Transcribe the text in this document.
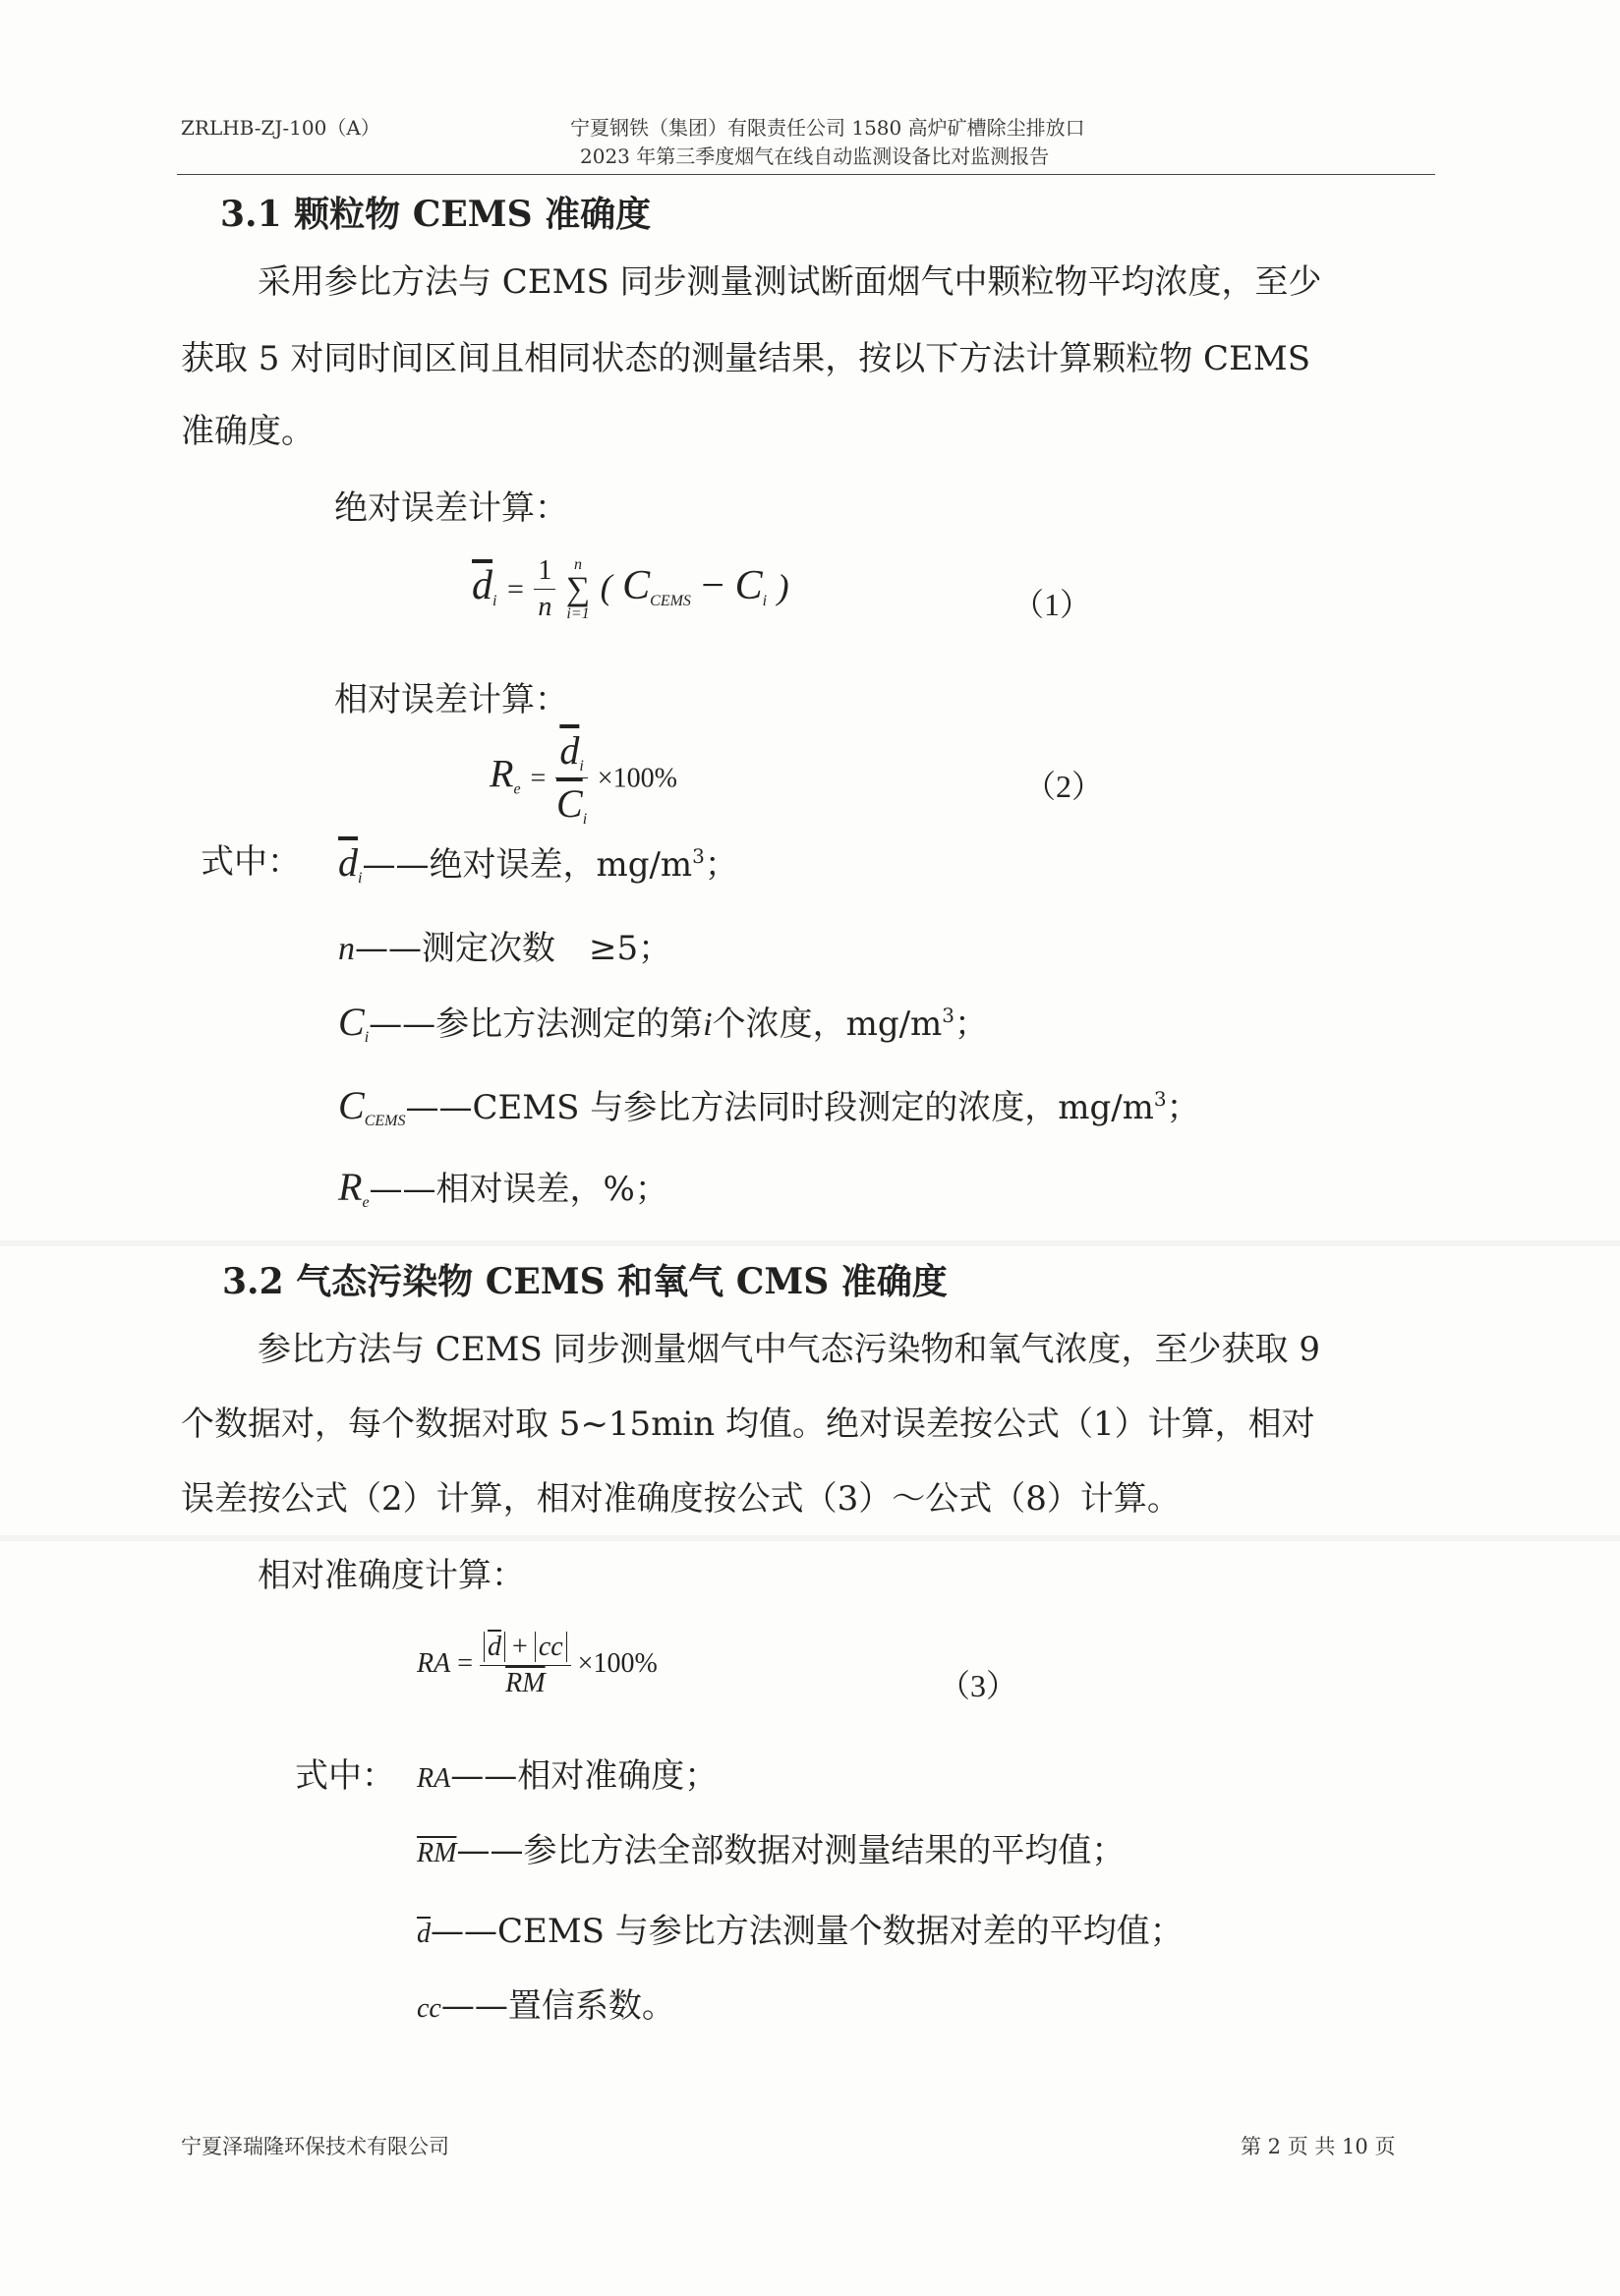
ZRLHB-ZJ-100（A）	宁夏钢铁（集团）有限责任公司 1580 高炉矿槽除尘排放口
2023 年第三季度烟气在线自动监测设备比对监测报告
3.1 颗粒物 CEMS 准确度
采用参比方法与 CEMS 同步测量测试断面烟气中颗粒物平均浓度，至少
获取 5 对同时间区间且相同状态的测量结果，按以下方法计算颗粒物 CEMS
准确度。
绝对误差计算：
$\overline{d}_i = \frac{1}{n}$
	n
∑
i=1
( $C_{CEMS} - C_i$ )	（1）
相对误差计算：
$R_e = \frac{\overline{d}_i}{\overline{C}_i} \times 100\%$	（2）
式中： $\overline{d}_i——$绝对误差，$mg/m^3$；
n——测定次数　≥5；
$C_i——$参比方法测定的第i个浓度，$mg/m^3$；
$C_{CEMS}——CEMS$ 与参比方法同时段测定的浓度，$mg/m^3$；
$R_e——$相对误差，%；
3.2 气态污染物 CEMS 和氧气 CMS 准确度
参比方法与 CEMS 同步测量烟气中气态污染物和氧气浓度，至少获取 9
个数据对，每个数据对取 5~15min 均值。绝对误差按公式（1）计算，相对
误差按公式（2）计算，相对准确度按公式（3）～公式（8）计算。
相对准确度计算：
RA = $\frac{\overline{d} + cc}{RM} \times 100\%$
（3）
式中： RA——相对准确度；
$\overline{RM}——$参比方法全部数据对测量结果的平均值；
$\overline{d}——CEMS$ 与参比方法测量个数据对差的平均值；
cc——置信系数。
宁夏泽瑞隆环保技术有限公司	第 2 页 共 10 页
